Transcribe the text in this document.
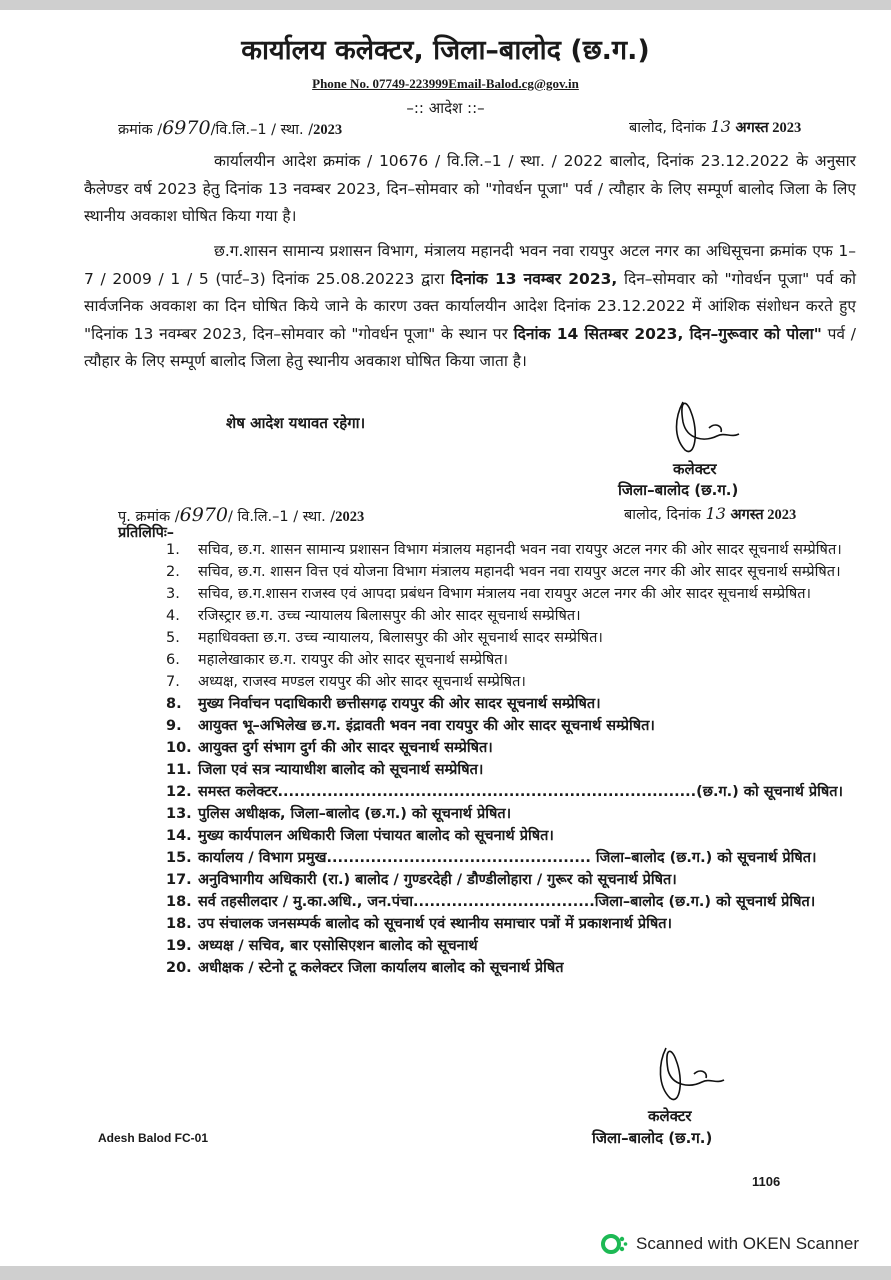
कार्यालय कलेक्टर, जिला–बालोद (छ.ग.)
Phone No. 07749-223999Email-Balod.cg@gov.in
–:: आदेश ::–
क्रमांक /6970/वि.लि.–1 / स्था. /2023	बालोद, दिनांक 13 अगस्त 2023

कार्यालयीन आदेश क्रमांक / 10676 / वि.लि.–1 / स्था. / 2022 बालोद, दिनांक 23.12.2022 के अनुसार कैलेण्डर वर्ष 2023 हेतु दिनांक 13 नवम्बर 2023, दिन–सोमवार को "गोवर्धन पूजा" पर्व / त्यौहार के लिए सम्पूर्ण बालोद जिला के लिए स्थानीय अवकाश घोषित किया गया है।

छ.ग.शासन सामान्य प्रशासन विभाग, मंत्रालय महानदी भवन नवा रायपुर अटल नगर का अधिसूचना क्रमांक एफ 1–7 / 2009 / 1 / 5 (पार्ट–3) दिनांक 25.08.20223 द्वारा दिनांक 13 नवम्बर 2023, दिन–सोमवार को "गोवर्धन पूजा" पर्व को सार्वजनिक अवकाश का दिन घोषित किये जाने के कारण उक्त कार्यालयीन आदेश दिनांक 23.12.2022 में आंशिक संशोधन करते हुए "दिनांक 13 नवम्बर 2023, दिन–सोमवार को "गोवर्धन पूजा" के स्थान पर दिनांक 14 सितम्बर 2023, दिन–गुरूवार को पोला" पर्व / त्यौहार के लिए सम्पूर्ण बालोद जिला हेतु स्थानीय अवकाश घोषित किया जाता है।

शेष आदेश यथावत रहेगा।
कलेक्टर
जिला–बालोद (छ.ग.)
पृ. क्रमांक /6970/ वि.लि.–1 / स्था. /2023	बालोद, दिनांक 13 अगस्त 2023
प्रतिलिपिः–
1.	सचिव, छ.ग. शासन सामान्य प्रशासन विभाग मंत्रालय महानदी भवन नवा रायपुर अटल नगर की ओर सादर सूचनार्थ सम्प्रेषित।
2.	सचिव, छ.ग. शासन वित्त एवं योजना विभाग मंत्रालय महानदी भवन नवा रायपुर अटल नगर की ओर सादर सूचनार्थ सम्प्रेषित।
3.	सचिव, छ.ग.शासन राजस्व एवं आपदा प्रबंधन विभाग मंत्रालय नवा रायपुर अटल नगर की ओर सादर सूचनार्थ सम्प्रेषित।
4.	रजिस्ट्रार छ.ग. उच्च न्यायालय बिलासपुर की ओर सादर सूचनार्थ सम्प्रेषित।
5.	महाधिवक्ता छ.ग. उच्च न्यायालय, बिलासपुर की ओर सूचनार्थ सादर सम्प्रेषित।
6.	महालेखाकार छ.ग. रायपुर की ओर सादर सूचनार्थ सम्प्रेषित।
7.	अध्यक्ष, राजस्व मण्डल रायपुर की ओर सादर सूचनार्थ सम्प्रेषित।
8.	मुख्य निर्वाचन पदाधिकारी छत्तीसगढ़ रायपुर की ओर सादर सूचनार्थ सम्प्रेषित।
9.	आयुक्त भू–अभिलेख छ.ग. इंद्रावती भवन नवा रायपुर की ओर सादर सूचनार्थ सम्प्रेषित।
10. आयुक्त दुर्ग संभाग दुर्ग की ओर सादर सूचनार्थ सम्प्रेषित।
11. जिला एवं सत्र न्यायाधीश बालोद को सूचनार्थ सम्प्रेषित।
12. समस्त कलेक्टर............................................................................(छ.ग.) को सूचनार्थ प्रेषित।
13. पुलिस अधीक्षक, जिला–बालोद (छ.ग.) को सूचनार्थ प्रेषित।
14. मुख्य कार्यपालन अधिकारी जिला पंचायत बालोद को सूचनार्थ प्रेषित।
15. कार्यालय / विभाग प्रमुख................................................ जिला–बालोद (छ.ग.) को सूचनार्थ प्रेषित।
17. अनुविभागीय अधिकारी (रा.) बालोद / गुण्डरदेही / डौण्डीलोहारा / गुरूर को सूचनार्थ प्रेषित।
18. सर्व तहसीलदार / मु.का.अधि., जन.पंचा.................................जिला–बालोद (छ.ग.) को सूचनार्थ प्रेषित।
18. उप संचालक जनसम्पर्क बालोद को सूचनार्थ एवं स्थानीय समाचार पत्रों में प्रकाशनार्थ प्रेषित।
19. अध्यक्ष / सचिव, बार एसोसिएशन बालोद को सूचनार्थ
20. अधीक्षक / स्टेनो टू कलेक्टर जिला कार्यालय बालोद को सूचनार्थ प्रेषित
कलेक्टर
जिला–बालोद (छ.ग.)
Adesh Balod FC-01
1106
Scanned with OKEN Scanner
